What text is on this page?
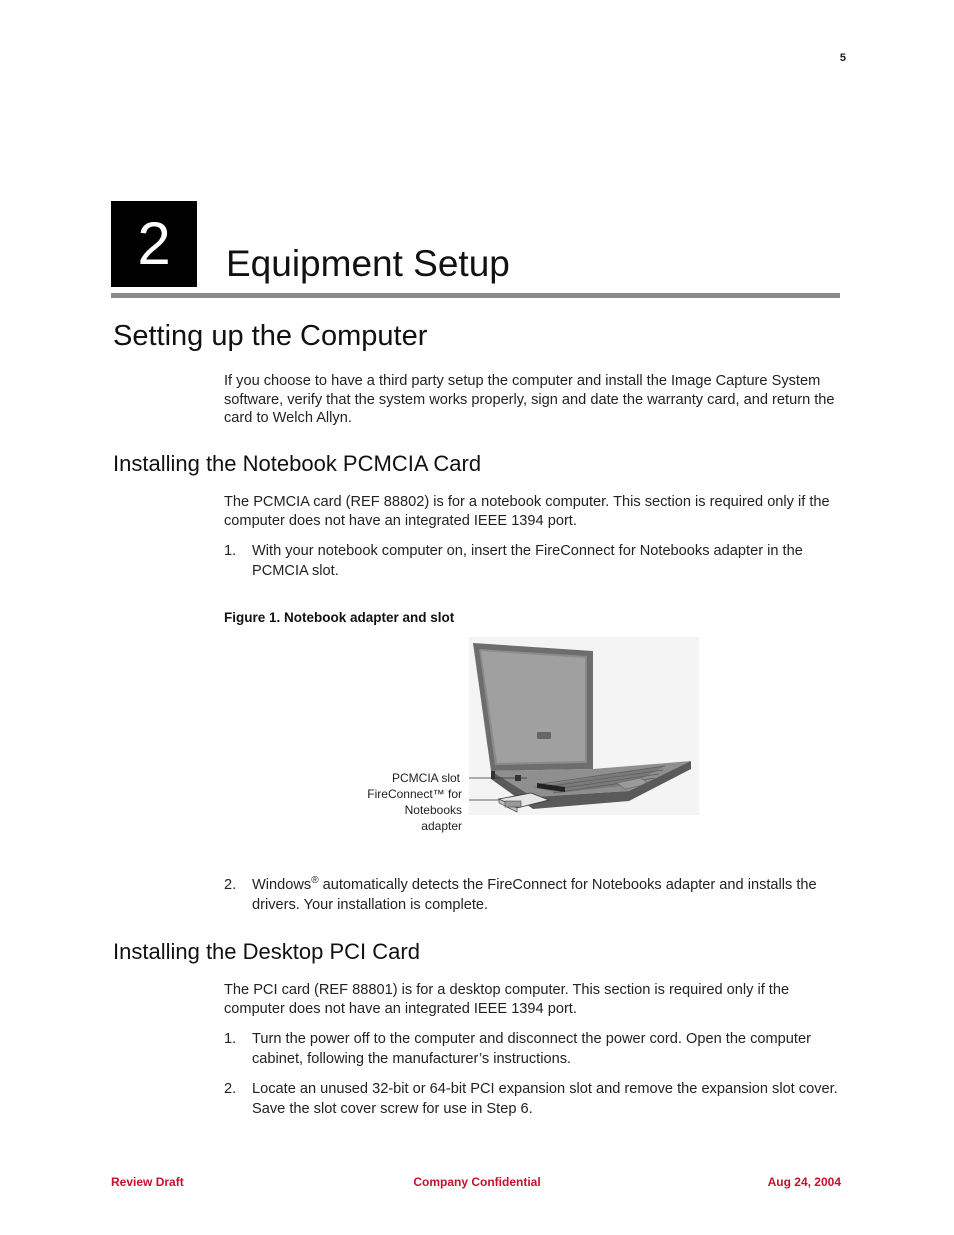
5
2	Equipment Setup
Setting up the Computer
If you choose to have a third party setup the computer and install the Image Capture System software, verify that the system works properly, sign and date the warranty card, and return the card to Welch Allyn.
Installing the Notebook PCMCIA Card
The PCMCIA card (REF 88802) is for a notebook computer. This section is required only if the computer does not have an integrated IEEE 1394 port.
1.	With your notebook computer on, insert the FireConnect for Notebooks adapter in the PCMCIA slot.
Figure 1. Notebook adapter and slot
PCMCIA slot
FireConnect™ for
Notebooks
adapter
2.	Windows® automatically detects the FireConnect for Notebooks adapter and installs the drivers. Your installation is complete.
Installing the Desktop PCI Card
The PCI card (REF 88801) is for a desktop computer. This section is required only if the computer does not have an integrated IEEE 1394 port.
1.	Turn the power off to the computer and disconnect the power cord. Open the computer cabinet, following the manufacturer’s instructions.
2.	Locate an unused 32-bit or 64-bit PCI expansion slot and remove the expansion slot cover. Save the slot cover screw for use in Step 6.
Review Draft	Company Confidential	Aug 24, 2004
